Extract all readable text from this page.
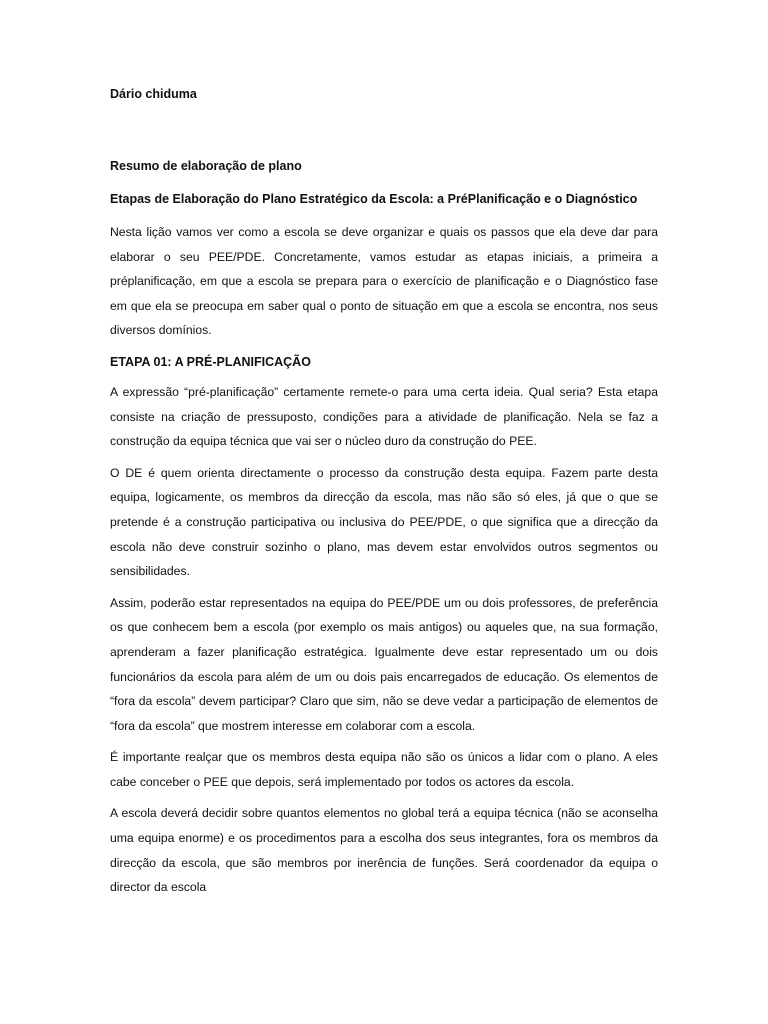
Dário chiduma
Resumo de elaboração de plano
Etapas de Elaboração do Plano Estratégico da Escola: a PréPlanificação e o Diagnóstico

Nesta lição vamos ver como a escola se deve organizar e quais os passos que ela deve dar para elaborar o seu PEE/PDE. Concretamente, vamos estudar as etapas iniciais, a primeira a préplanificação, em que a escola se prepara para o exercício de planificação e o Diagnóstico fase em que ela se preocupa em saber qual o ponto de situação em que a escola se encontra, nos seus diversos domínios.

ETAPA 01: A PRÉ-PLANIFICAÇÃO

A expressão “pré-planificação” certamente remete-o para uma certa ideia. Qual seria? Esta etapa consiste na criação de pressuposto, condições para a atividade de planificação. Nela se faz a construção da equipa técnica que vai ser o núcleo duro da construção do PEE.

O DE é quem orienta directamente o processo da construção desta equipa. Fazem parte desta equipa, logicamente, os membros da direcção da escola, mas não são só eles, já que o que se pretende é a construção participativa ou inclusiva do PEE/PDE, o que significa que a direcção da escola não deve construir sozinho o plano, mas devem estar envolvidos outros segmentos ou sensibilidades.

Assim, poderão estar representados na equipa do PEE/PDE um ou dois professores, de preferência os que conhecem bem a escola (por exemplo os mais antigos) ou aqueles que, na sua formação, aprenderam a fazer planificação estratégica. Igualmente deve estar representado um ou dois funcionários da escola para além de um ou dois pais encarregados de educação. Os elementos de “fora da escola” devem participar? Claro que sim, não se deve vedar a participação de elementos de “fora da escola” que mostrem interesse em colaborar com a escola.

É importante realçar que os membros desta equipa não são os únicos a lidar com o plano. A eles cabe conceber o PEE que depois, será implementado por todos os actores da escola.

A escola deverá decidir sobre quantos elementos no global terá a equipa técnica (não se aconselha uma equipa enorme) e os procedimentos para a escolha dos seus integrantes, fora os membros da direcção da escola, que são membros por inerência de funções. Será coordenador da equipa o director da escola
